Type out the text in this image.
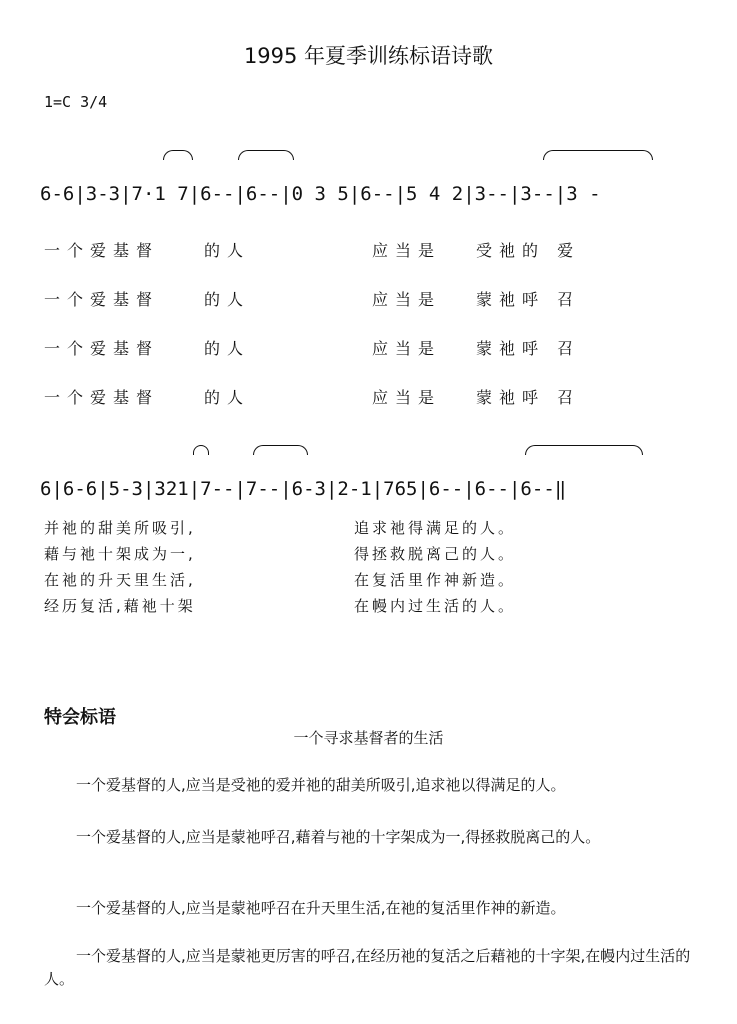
1995 年夏季训练标语诗歌
1=C 3/4
6-6|3-3|7·1 7|6--|6--|0 3 5|6--|5 4 2|3--|3--|3 -
一个爱基督	的人	应当是 受祂的 爱
一个爱基督	的人	应当是 蒙祂呼 召
一个爱基督	的人	应当是 蒙祂呼 召
一个爱基督	的人	应当是 蒙祂呼 召
6|6-6|5-3|321|7--|7--|6-3|2-1|765|6--|6--|6--‖
并祂的甜美所吸引,	追求祂得满足的人。
藉与祂十架成为一,	得拯救脱离己的人。
在祂的升天里生活,	在复活里作神新造。
经历复活,藉祂十架	在幔内过生活的人。
特会标语
一个寻求基督者的生活
一个爱基督的人,应当是受祂的爱并祂的甜美所吸引,追求祂以得满足的人。
一个爱基督的人,应当是蒙祂呼召,藉着与祂的十字架成为一,得拯救脱离己的人。
一个爱基督的人,应当是蒙祂呼召在升天里生活,在祂的复活里作神的新造。
一个爱基督的人,应当是蒙祂更厉害的呼召,在经历祂的复活之后藉祂的十字架,在幔内过生活的人。
